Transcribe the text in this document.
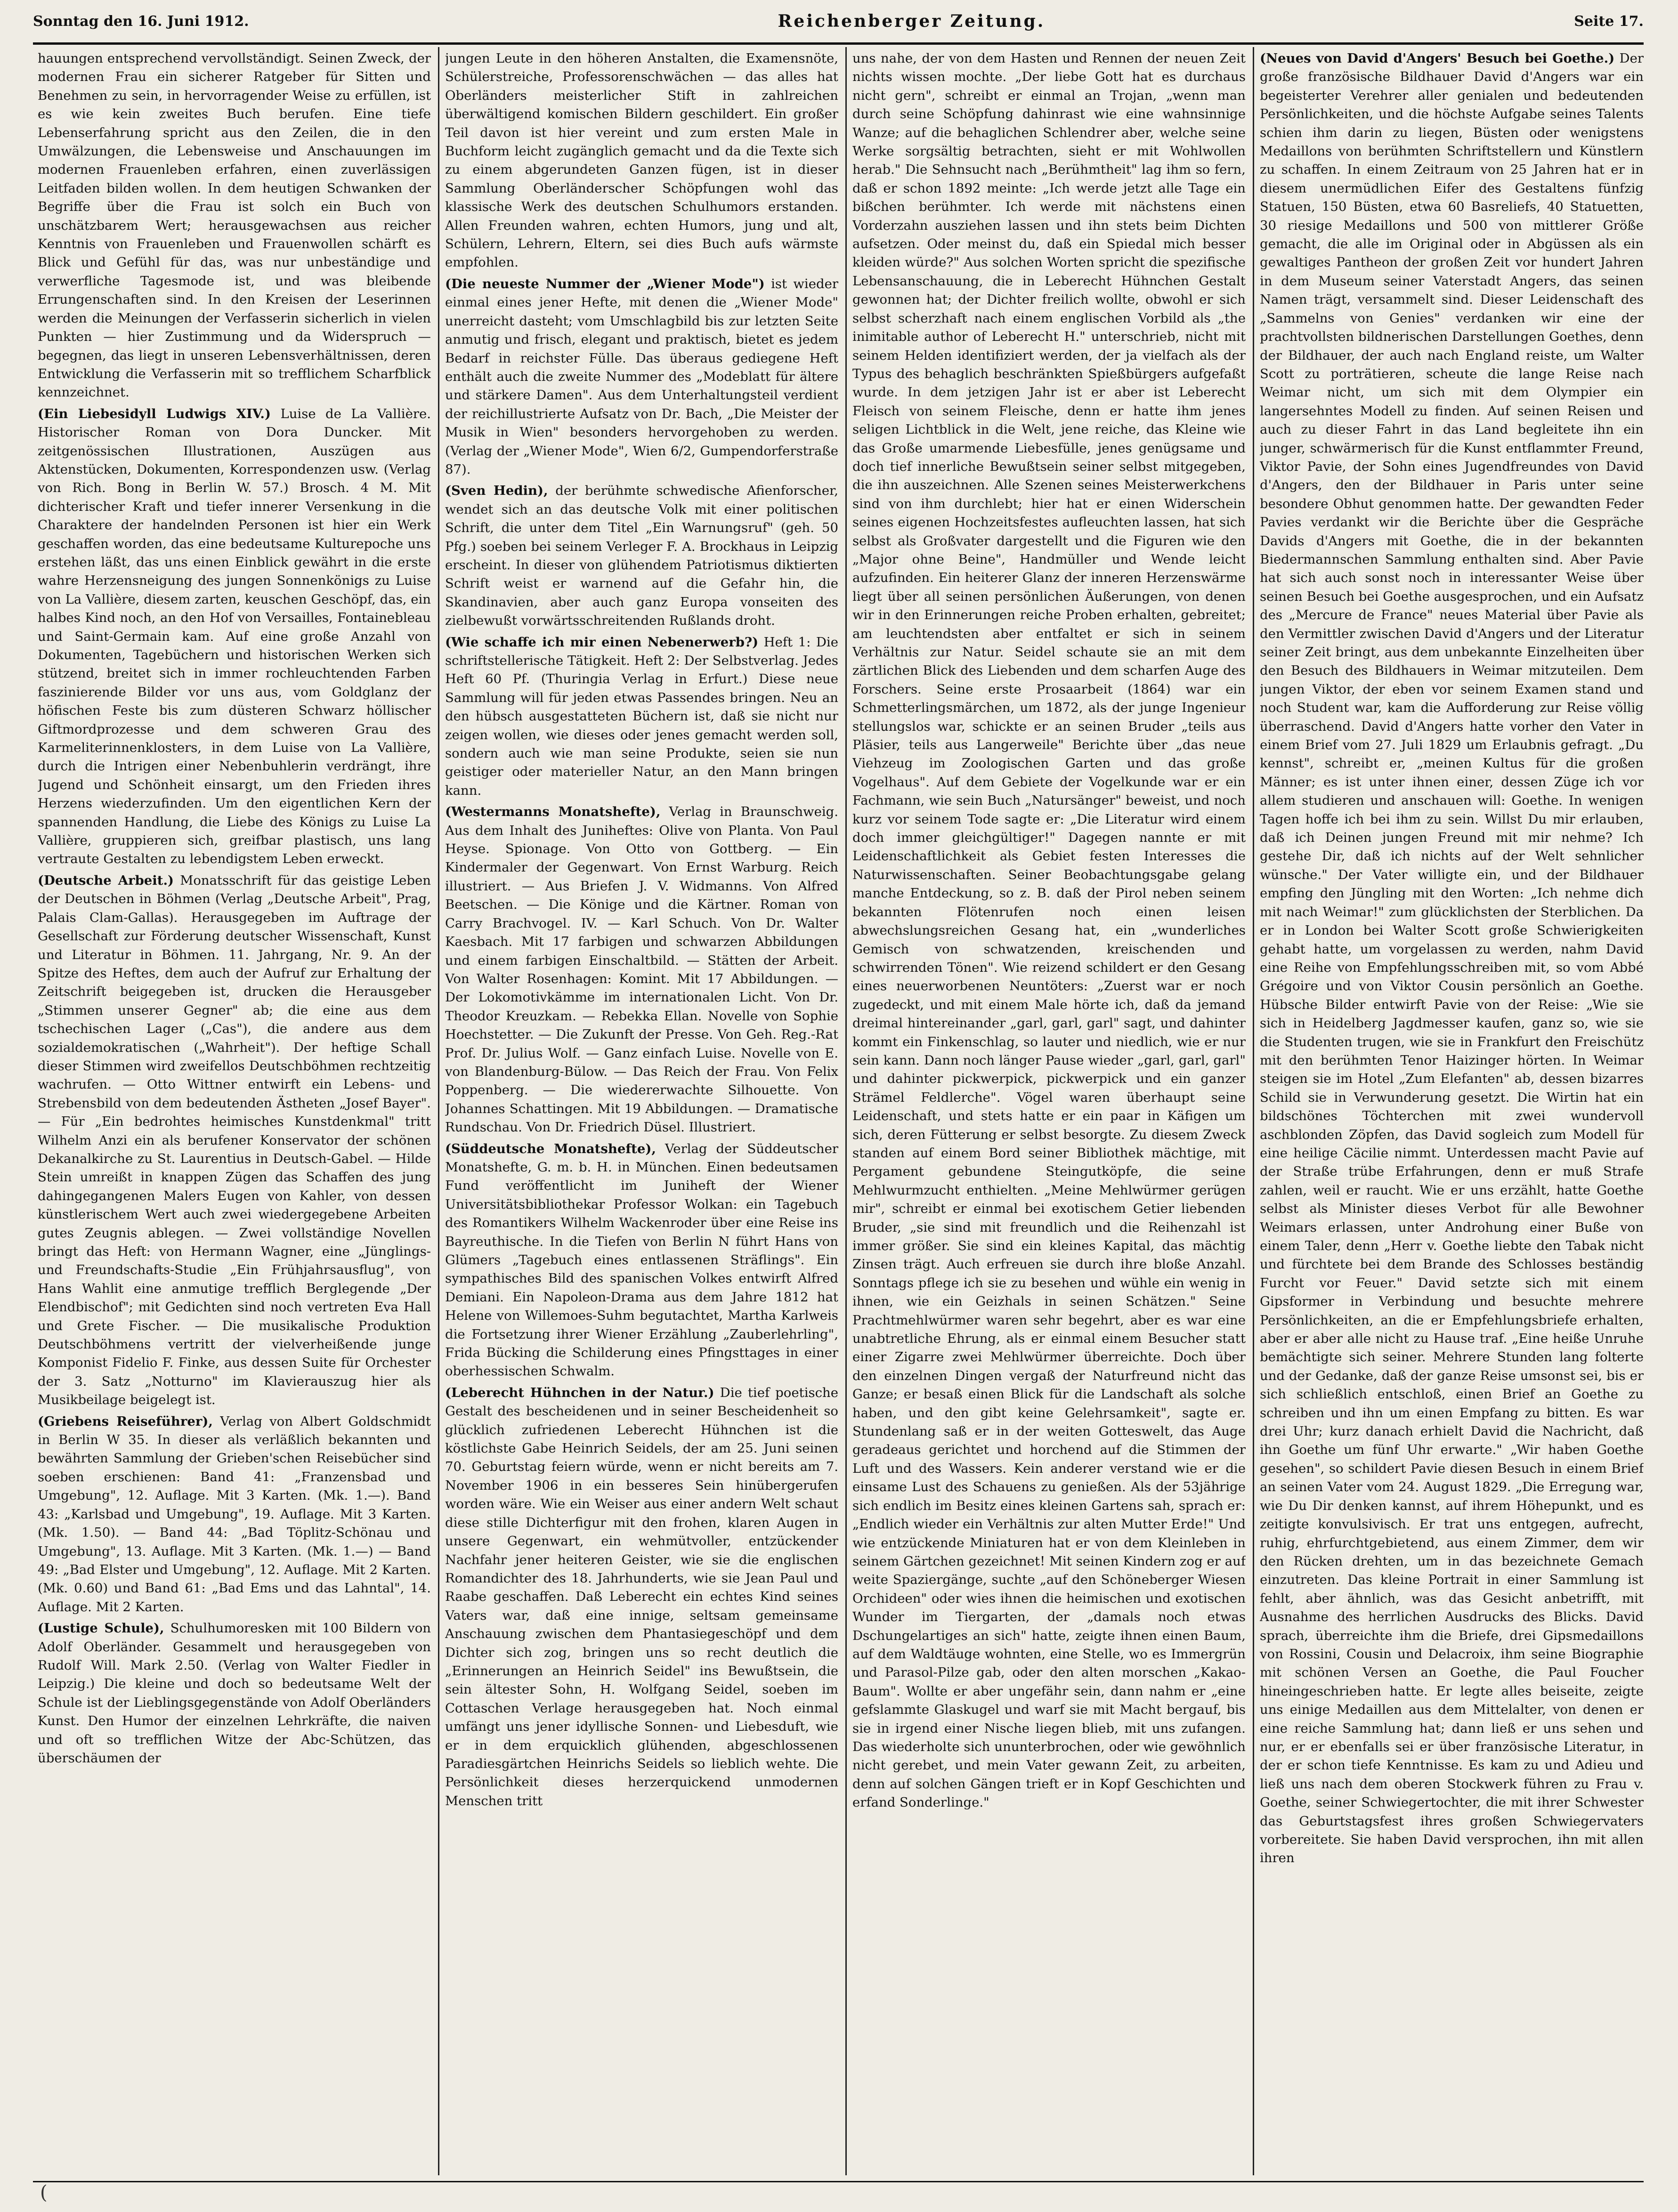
Sonntag den 16. Juni 1912.	Reichenberger Zeitung.	Seite 17.

hauungen entsprechend vervollständigt. Seinen Zweck, der modernen Frau ein sicherer Ratgeber für Sitten und Benehmen zu sein, in hervorragender Weise zu erfüllen, ist es wie kein zweites Buch berufen. Eine tiefe Lebenserfahrung spricht aus den Zeilen, die in den Umwälzungen, die Lebensweise und Anschauungen im modernen Frauenleben erfahren, einen zuverlässigen Leitfaden bilden wollen. In dem heutigen Schwanken der Begriffe über die Frau ist solch ein Buch von unschätzbarem Wert; herausgewachsen aus reicher Kenntnis von Frauenleben und Frauenwollen schärft es Blick und Gefühl für das, was nur unbeständige und verwerfliche Tagesmode ist, und was bleibende Errungenschaften sind. In den Kreisen der Leserinnen werden die Meinungen der Verfasserin sicherlich in vielen Punkten — hier Zustimmung und da Widerspruch — begegnen, das liegt in unseren Lebensverhältnissen, deren Entwicklung die Verfasserin mit so trefflichem Scharfblick kennzeichnet.

(Ein Liebesidyll Ludwigs XIV.) Luise de La Vallière. Historischer Roman von Dora Duncker. Mit zeitgenössischen Illustrationen, Auszügen aus Aktenstücken, Dokumenten, Korrespondenzen usw. (Verlag von Rich. Bong in Berlin W. 57.) Brosch. 4 M. Mit dichterischer Kraft und tiefer innerer Versenkung in die Charaktere der handelnden Personen ist hier ein Werk geschaffen worden, das eine bedeutsame Kulturepoche uns erstehen läßt, das uns einen Einblick gewährt in die erste wahre Herzensneigung des jungen Sonnenkönigs zu Luise von La Vallière, diesem zarten, keuschen Geschöpf, das, ein halbes Kind noch, an den Hof von Versailles, Fontainebleau und Saint-Germain kam. Auf eine große Anzahl von Dokumenten, Tagebüchern und historischen Werken sich stützend, breitet sich in immer rochleuchtenden Farben faszinierende Bilder vor uns aus, vom Goldglanz der höfischen Feste bis zum düsteren Schwarz höllischer Giftmordprozesse und dem schweren Grau des Karmeliterinnenklosters, in dem Luise von La Vallière, durch die Intrigen einer Nebenbuhlerin verdrängt, ihre Jugend und Schönheit einsargt, um den Frieden ihres Herzens wiederzufinden. Um den eigentlichen Kern der spannenden Handlung, die Liebe des Königs zu Luise La Vallière, gruppieren sich, greifbar plastisch, uns lang vertraute Gestalten zu lebendigstem Leben erweckt.

(Deutsche Arbeit.) Monatsschrift für das geistige Leben der Deutschen in Böhmen (Verlag „Deutsche Arbeit", Prag, Palais Clam-Gallas). Herausgegeben im Auftrage der Gesellschaft zur Förderung deutscher Wissenschaft, Kunst und Literatur in Böhmen. 11. Jahrgang, Nr. 9. An der Spitze des Heftes, dem auch der Aufruf zur Erhaltung der Zeitschrift beigegeben ist, drucken die Herausgeber „Stimmen unserer Gegner" ab; die eine aus dem tschechischen Lager („Cas"), die andere aus dem sozialdemokratischen („Wahrheit"). Der heftige Schall dieser Stimmen wird zweifellos Deutschböhmen rechtzeitig wachrufen. — Otto Wittner entwirft ein Lebens- und Strebensbild von dem bedeutenden Ästheten „Josef Bayer". — Für „Ein bedrohtes heimisches Kunstdenkmal" tritt Wilhelm Anzi ein als berufener Konservator der schönen Dekanalkirche zu St. Laurentius in Deutsch-Gabel. — Hilde Stein umreißt in knappen Zügen das Schaffen des jung dahingegangenen Malers Eugen von Kahler, von dessen künstlerischem Wert auch zwei wiedergegebene Arbeiten gutes Zeugnis ablegen. — Zwei vollständige Novellen bringt das Heft: von Hermann Wagner, eine „Jünglings- und Freundschafts-Studie „Ein Frühjahrsausflug", von Hans Wahlit eine anmutige trefflich Berglegende „Der Elendbischof"; mit Gedichten sind noch vertreten Eva Hall und Grete Fischer. — Die musikalische Produktion Deutschböhmens vertritt der vielverheißende junge Komponist Fidelio F. Finke, aus dessen Suite für Orchester der 3. Satz „Notturno" im Klavierauszug hier als Musikbeilage beigelegt ist.

(Griebens Reiseführer), Verlag von Albert Goldschmidt in Berlin W 35. In dieser als verläßlich bekannten und bewährten Sammlung der Grieben'schen Reisebücher sind soeben erschienen: Band 41: „Franzensbad und Umgebung", 12. Auflage. Mit 3 Karten. (Mk. 1.—). Band 43: „Karlsbad und Umgebung", 19. Auflage. Mit 3 Karten. (Mk. 1.50). — Band 44: „Bad Töplitz-Schönau und Umgebung", 13. Auflage. Mit 3 Karten. (Mk. 1.—) — Band 49: „Bad Elster und Umgebung", 12. Auflage. Mit 2 Karten. (Mk. 0.60) und Band 61: „Bad Ems und das Lahntal", 14. Auflage. Mit 2 Karten.

(Lustige Schule), Schulhumoresken mit 100 Bildern von Adolf Oberländer. Gesammelt und herausgegeben von Rudolf Will. Mark 2.50. (Verlag von Walter Fiedler in Leipzig.) Die kleine und doch so bedeutsame Welt der Schule ist der Lieblingsgegenstände von Adolf Oberländers Kunst. Den Humor der einzelnen Lehrkräfte, die naiven und oft so trefflichen Witze der Abc-Schützen, das überschäumen der

jungen Leute in den höheren Anstalten, die Examensnöte, Schülerstreiche, Professorenschwächen — das alles hat Oberländers meisterlicher Stift in zahlreichen überwältigend komischen Bildern geschildert. Ein großer Teil davon ist hier vereint und zum ersten Male in Buchform leicht zugänglich gemacht und da die Texte sich zu einem abgerundeten Ganzen fügen, ist in dieser Sammlung Oberländerscher Schöpfungen wohl das klassische Werk des deutschen Schulhumors erstanden. Allen Freunden wahren, echten Humors, jung und alt, Schülern, Lehrern, Eltern, sei dies Buch aufs wärmste empfohlen.

(Die neueste Nummer der „Wiener Mode") ist wieder einmal eines jener Hefte, mit denen die „Wiener Mode" unerreicht dasteht; vom Umschlagbild bis zur letzten Seite anmutig und frisch, elegant und praktisch, bietet es jedem Bedarf in reichster Fülle. Das überaus gediegene Heft enthält auch die zweite Nummer des „Modeblatt für ältere und stärkere Damen". Aus dem Unterhaltungsteil verdient der reichillustrierte Aufsatz von Dr. Bach, „Die Meister der Musik in Wien" besonders hervorgehoben zu werden. (Verlag der „Wiener Mode", Wien 6/2, Gumpendorferstraße 87).

(Sven Hedin), der berühmte schwedische Afienforscher, wendet sich an das deutsche Volk mit einer politischen Schrift, die unter dem Titel „Ein Warnungsruf" (geh. 50 Pfg.) soeben bei seinem Verleger F. A. Brockhaus in Leipzig erscheint. In dieser von glühendem Patriotismus diktierten Schrift weist er warnend auf die Gefahr hin, die Skandinavien, aber auch ganz Europa vonseiten des zielbewußt vorwärtsschreitenden Rußlands droht.

(Wie schaffe ich mir einen Nebenerwerb?) Heft 1: Die schriftstellerische Tätigkeit. Heft 2: Der Selbstverlag. Jedes Heft 60 Pf. (Thuringia Verlag in Erfurt.) Diese neue Sammlung will für jeden etwas Passendes bringen. Neu an den hübsch ausgestatteten Büchern ist, daß sie nicht nur zeigen wollen, wie dieses oder jenes gemacht werden soll, sondern auch wie man seine Produkte, seien sie nun geistiger oder materieller Natur, an den Mann bringen kann.

(Westermanns Monatshefte), Verlag in Braunschweig. Aus dem Inhalt des Juniheftes: Olive von Planta. Von Paul Heyse. Spionage. Von Otto von Gottberg. — Ein Kindermaler der Gegenwart. Von Ernst Warburg. Reich illustriert. — Aus Briefen J. V. Widmanns. Von Alfred Beetschen. — Die Könige und die Kärtner. Roman von Carry Brachvogel. IV. — Karl Schuch. Von Dr. Walter Kaesbach. Mit 17 farbigen und schwarzen Abbildungen und einem farbigen Einschaltbild. — Stätten der Arbeit. Von Walter Rosenhagen: Komint. Mit 17 Abbildungen. — Der Lokomotivkämme im internationalen Licht. Von Dr. Theodor Kreuzkam. — Rebekka Ellan. Novelle von Sophie Hoechstetter. — Die Zukunft der Presse. Von Geh. Reg.-Rat Prof. Dr. Julius Wolf. — Ganz einfach Luise. Novelle von E. von Blandenburg-Bülow. — Das Reich der Frau. Von Felix Poppenberg. — Die wiedererwachte Silhouette. Von Johannes Schattingen. Mit 19 Abbildungen. — Dramatische Rundschau. Von Dr. Friedrich Düsel. Illustriert.

(Süddeutsche Monatshefte), Verlag der Süddeutscher Monatshefte, G. m. b. H. in München. Einen bedeutsamen Fund veröffentlicht im Juniheft der Wiener Universitätsbibliothekar Professor Wolkan: ein Tagebuch des Romantikers Wilhelm Wackenroder über eine Reise ins Bayreuthische. In die Tiefen von Berlin N führt Hans von Glümers „Tagebuch eines entlassenen Sträflings". Ein sympathisches Bild des spanischen Volkes entwirft Alfred Demiani. Ein Napoleon-Drama aus dem Jahre 1812 hat Helene von Willemoes-Suhm begutachtet, Martha Karlweis die Fortsetzung ihrer Wiener Erzählung „Zauberlehrling", Frida Bücking die Schilderung eines Pfingsttages in einer oberhessischen Schwalm.

(Leberecht Hühnchen in der Natur.) Die tief poetische Gestalt des bescheidenen und in seiner Bescheidenheit so glücklich zufriedenen Leberecht Hühnchen ist die köstlichste Gabe Heinrich Seidels, der am 25. Juni seinen 70. Geburtstag feiern würde, wenn er nicht bereits am 7. November 1906 in ein besseres Sein hinübergerufen worden wäre. Wie ein Weiser aus einer andern Welt schaut diese stille Dichterfigur mit den frohen, klaren Augen in unsere Gegenwart, ein wehmütvoller, entzückender Nachfahr jener heiteren Geister, wie sie die englischen Romandichter des 18. Jahrhunderts, wie sie Jean Paul und Raabe geschaffen. Daß Leberecht ein echtes Kind seines Vaters war, daß eine innige, seltsam gemeinsame Anschauung zwischen dem Phantasiegeschöpf und dem Dichter sich zog, bringen uns so recht deutlich die „Erinnerungen an Heinrich Seidel" ins Bewußtsein, die sein ältester Sohn, H. Wolfgang Seidel, soeben im Cottaschen Verlage herausgegeben hat. Noch einmal umfängt uns jener idyllische Sonnen- und Liebesduft, wie er in dem erquicklich glühenden, abgeschlossenen Paradiesgärtchen Heinrichs Seidels so lieblich wehte. Die Persönlichkeit dieses herzerquickend unmodernen Menschen tritt

uns nahe, der von dem Hasten und Rennen der neuen Zeit nichts wissen mochte. „Der liebe Gott hat es durchaus nicht gern", schreibt er einmal an Trojan, „wenn man durch seine Schöpfung dahinrast wie eine wahnsinnige Wanze; auf die behaglichen Schlendrer aber, welche seine Werke sorgsältig betrachten, sieht er mit Wohlwollen herab." Die Sehnsucht nach „Berühmtheit" lag ihm so fern, daß er schon 1892 meinte: „Ich werde jetzt alle Tage ein bißchen berühmter. Ich werde mit nächstens einen Vorderzahn ausziehen lassen und ihn stets beim Dichten aufsetzen. Oder meinst du, daß ein Spiedal mich besser kleiden würde?" Aus solchen Worten spricht die spezifische Lebensanschauung, die in Leberecht Hühnchen Gestalt gewonnen hat; der Dichter freilich wollte, obwohl er sich selbst scherzhaft nach einem englischen Vorbild als „the inimitable author of Leberecht H." unterschrieb, nicht mit seinem Helden identifiziert werden, der ja vielfach als der Typus des behaglich beschränkten Spießbürgers aufgefaßt wurde. In dem jetzigen Jahr ist er aber ist Leberecht Fleisch von seinem Fleische, denn er hatte ihm jenes seligen Lichtblick in die Welt, jene reiche, das Kleine wie das Große umarmende Liebesfülle, jenes genügsame und doch tief innerliche Bewußtsein seiner selbst mitgegeben, die ihn auszeichnen. Alle Szenen seines Meisterwerkchens sind von ihm durchlebt; hier hat er einen Widerschein seines eigenen Hochzeitsfestes aufleuchten lassen, hat sich selbst als Großvater dargestellt und die Figuren wie den „Major ohne Beine", Handmüller und Wende leicht aufzufinden. Ein heiterer Glanz der inneren Herzenswärme liegt über all seinen persönlichen Äußerungen, von denen wir in den Erinnerungen reiche Proben erhalten, gebreitet; am leuchtendsten aber entfaltet er sich in seinem Verhältnis zur Natur. Seidel schaute sie an mit dem zärtlichen Blick des Liebenden und dem scharfen Auge des Forschers. Seine erste Prosaarbeit (1864) war ein Schmetterlingsmärchen, um 1872, als der junge Ingenieur stellungslos war, schickte er an seinen Bruder „teils aus Pläsier, teils aus Langerweile" Berichte über „das neue Viehzeug im Zoologischen Garten und das große Vogelhaus". Auf dem Gebiete der Vogelkunde war er ein Fachmann, wie sein Buch „Natursänger" beweist, und noch kurz vor seinem Tode sagte er: „Die Literatur wird einem doch immer gleichgültiger!" Dagegen nannte er mit Leidenschaftlichkeit als Gebiet festen Interesses die Naturwissenschaften. Seiner Beobachtungsgabe gelang manche Entdeckung, so z. B. daß der Pirol neben seinem bekannten Flötenrufen noch einen leisen abwechslungsreichen Gesang hat, ein „wunderliches Gemisch von schwatzenden, kreischenden und schwirrenden Tönen". Wie reizend schildert er den Gesang eines neuerworbenen Neuntöters: „Zuerst war er noch zugedeckt, und mit einem Male hörte ich, daß da jemand dreimal hintereinander „garl, garl, garl" sagt, und dahinter kommt ein Finkenschlag, so lauter und niedlich, wie er nur sein kann. Dann noch länger Pause wieder „garl, garl, garl" und dahinter pickwerpick, pickwerpick und ein ganzer Strämel Feldlerche". Vögel waren überhaupt seine Leidenschaft, und stets hatte er ein paar in Käfigen um sich, deren Fütterung er selbst besorgte. Zu diesem Zweck standen auf einem Bord seiner Bibliothek mächtige, mit Pergament gebundene Steingutköpfe, die seine Mehlwurmzucht enthielten. „Meine Mehlwürmer gerügen mir", schreibt er einmal bei exotischem Getier liebenden Bruder, „sie sind mit freundlich und die Reihenzahl ist immer größer. Sie sind ein kleines Kapital, das mächtig Zinsen trägt. Auch erfreuen sie durch ihre bloße Anzahl. Sonntags pflege ich sie zu besehen und wühle ein wenig in ihnen, wie ein Geizhals in seinen Schätzen." Seine Prachtmehlwürmer waren sehr begehrt, aber es war eine unabtretliche Ehrung, als er einmal einem Besucher statt einer Zigarre zwei Mehlwürmer überreichte. Doch über den einzelnen Dingen vergaß der Naturfreund nicht das Ganze; er besaß einen Blick für die Landschaft als solche haben, und den gibt keine Gelehrsamkeit", sagte er. Stundenlang saß er in der weiten Gotteswelt, das Auge geradeaus gerichtet und horchend auf die Stimmen der Luft und des Wassers. Kein anderer verstand wie er die einsame Lust des Schauens zu genießen. Als der 53jährige sich endlich im Besitz eines kleinen Gartens sah, sprach er: „Endlich wieder ein Verhältnis zur alten Mutter Erde!" Und wie entzückende Miniaturen hat er von dem Kleinleben in seinem Gärtchen gezeichnet! Mit seinen Kindern zog er auf weite Spaziergänge, suchte „auf den Schöneberger Wiesen Orchideen" oder wies ihnen die heimischen und exotischen Wunder im Tiergarten, der „damals noch etwas Dschungelartiges an sich" hatte, zeigte ihnen einen Baum, auf dem Waldtäuge wohnten, eine Stelle, wo es Immergrün und Parasol-Pilze gab, oder den alten morschen „Kakao-Baum". Wollte er aber ungefähr sein, dann nahm er „eine gefslammte Glaskugel und warf sie mit Macht bergauf, bis sie in irgend einer Nische liegen blieb, mit uns zufangen. Das wiederholte sich ununterbrochen, oder wie gewöhnlich nicht gerebet, und mein Vater gewann Zeit, zu arbeiten, denn auf solchen Gängen trieft er in Kopf Geschichten und erfand Sonderlinge."

(Neues von David d'Angers' Besuch bei Goethe.) Der große französische Bildhauer David d'Angers war ein begeisterter Verehrer aller genialen und bedeutenden Persönlichkeiten, und die höchste Aufgabe seines Talents schien ihm darin zu liegen, Büsten oder wenigstens Medaillons von berühmten Schriftstellern und Künstlern zu schaffen. In einem Zeitraum von 25 Jahren hat er in diesem unermüdlichen Eifer des Gestaltens fünfzig Statuen, 150 Büsten, etwa 60 Basreliefs, 40 Statuetten, 30 riesige Medaillons und 500 von mittlerer Größe gemacht, die alle im Original oder in Abgüssen als ein gewaltiges Pantheon der großen Zeit vor hundert Jahren in dem Museum seiner Vaterstadt Angers, das seinen Namen trägt, versammelt sind. Dieser Leidenschaft des „Sammelns von Genies" verdanken wir eine der prachtvollsten bildnerischen Darstellungen Goethes, denn der Bildhauer, der auch nach England reiste, um Walter Scott zu porträtieren, scheute die lange Reise nach Weimar nicht, um sich mit dem Olympier ein langersehntes Modell zu finden. Auf seinen Reisen und auch zu dieser Fahrt in das Land begleitete ihn ein junger, schwärmerisch für die Kunst entflammter Freund, Viktor Pavie, der Sohn eines Jugendfreundes von David d'Angers, den der Bildhauer in Paris unter seine besondere Obhut genommen hatte. Der gewandten Feder Pavies verdankt wir die Berichte über die Gespräche Davids d'Angers mit Goethe, die in der bekannten Biedermannschen Sammlung enthalten sind. Aber Pavie hat sich auch sonst noch in interessanter Weise über seinen Besuch bei Goethe ausgesprochen, und ein Aufsatz des „Mercure de France" neues Material über Pavie als den Vermittler zwischen David d'Angers und der Literatur seiner Zeit bringt, aus dem unbekannte Einzelheiten über den Besuch des Bildhauers in Weimar mitzuteilen. Dem jungen Viktor, der eben vor seinem Examen stand und noch Student war, kam die Aufforderung zur Reise völlig überraschend. David d'Angers hatte vorher den Vater in einem Brief vom 27. Juli 1829 um Erlaubnis gefragt. „Du kennst", schreibt er, „meinen Kultus für die großen Männer; es ist unter ihnen einer, dessen Züge ich vor allem studieren und anschauen will: Goethe. In wenigen Tagen hoffe ich bei ihm zu sein. Willst Du mir erlauben, daß ich Deinen jungen Freund mit mir nehme? Ich gestehe Dir, daß ich nichts auf der Welt sehnlicher wünsche." Der Vater willigte ein, und der Bildhauer empfing den Jüngling mit den Worten: „Ich nehme dich mit nach Weimar!" zum glücklichsten der Sterblichen. Da er in London bei Walter Scott große Schwierigkeiten gehabt hatte, um vorgelassen zu werden, nahm David eine Reihe von Empfehlungsschreiben mit, so vom Abbé Grégoire und von Viktor Cousin persönlich an Goethe. Hübsche Bilder entwirft Pavie von der Reise: „Wie sie sich in Heidelberg Jagdmesser kaufen, ganz so, wie sie die Studenten trugen, wie sie in Frankfurt den Freischütz mit den berühmten Tenor Haizinger hörten. In Weimar steigen sie im Hotel „Zum Elefanten" ab, dessen bizarres Schild sie in Verwunderung gesetzt. Die Wirtin hat ein bildschönes Töchterchen mit zwei wundervoll aschblonden Zöpfen, das David sogleich zum Modell für eine heilige Cäcilie nimmt. Unterdessen macht Pavie auf der Straße trübe Erfahrungen, denn er muß Strafe zahlen, weil er raucht. Wie er uns erzählt, hatte Goethe selbst als Minister dieses Verbot für alle Bewohner Weimars erlassen, unter Androhung einer Buße von einem Taler, denn „Herr v. Goethe liebte den Tabak nicht und fürchtete bei dem Brande des Schlosses beständig Furcht vor Feuer." David setzte sich mit einem Gipsformer in Verbindung und besuchte mehrere Persönlichkeiten, an die er Empfehlungsbriefe erhalten, aber er aber alle nicht zu Hause traf. „Eine heiße Unruhe bemächtigte sich seiner. Mehrere Stunden lang folterte und der Gedanke, daß der ganze Reise umsonst sei, bis er sich schließlich entschloß, einen Brief an Goethe zu schreiben und ihn um einen Empfang zu bitten. Es war drei Uhr; kurz danach erhielt David die Nachricht, daß ihn Goethe um fünf Uhr erwarte." „Wir haben Goethe gesehen", so schildert Pavie diesen Besuch in einem Brief an seinen Vater vom 24. August 1829. „Die Erregung war, wie Du Dir denken kannst, auf ihrem Höhepunkt, und es zeitigte konvulsivisch. Er trat uns entgegen, aufrecht, ruhig, ehrfurchtgebietend, aus einem Zimmer, dem wir den Rücken drehten, um in das bezeichnete Gemach einzutreten. Das kleine Portrait in einer Sammlung ist fehlt, aber ähnlich, was das Gesicht anbetrifft, mit Ausnahme des herrlichen Ausdrucks des Blicks. David sprach, überreichte ihm die Briefe, drei Gipsmedaillons von Rossini, Cousin und Delacroix, ihm seine Biographie mit schönen Versen an Goethe, die Paul Foucher hineingeschrieben hatte. Er legte alles beiseite, zeigte uns einige Medaillen aus dem Mittelalter, von denen er eine reiche Sammlung hat; dann ließ er uns sehen und nur, er er ebenfalls sei er über französische Literatur, in der er schon tiefe Kenntnisse. Es kam zu und Adieu und ließ uns nach dem oberen Stockwerk führen zu Frau v. Goethe, seiner Schwiegertochter, die mit ihrer Schwester das Geburtstagsfest ihres großen Schwiegervaters vorbereitete. Sie haben David versprochen, ihn mit allen ihren

(
